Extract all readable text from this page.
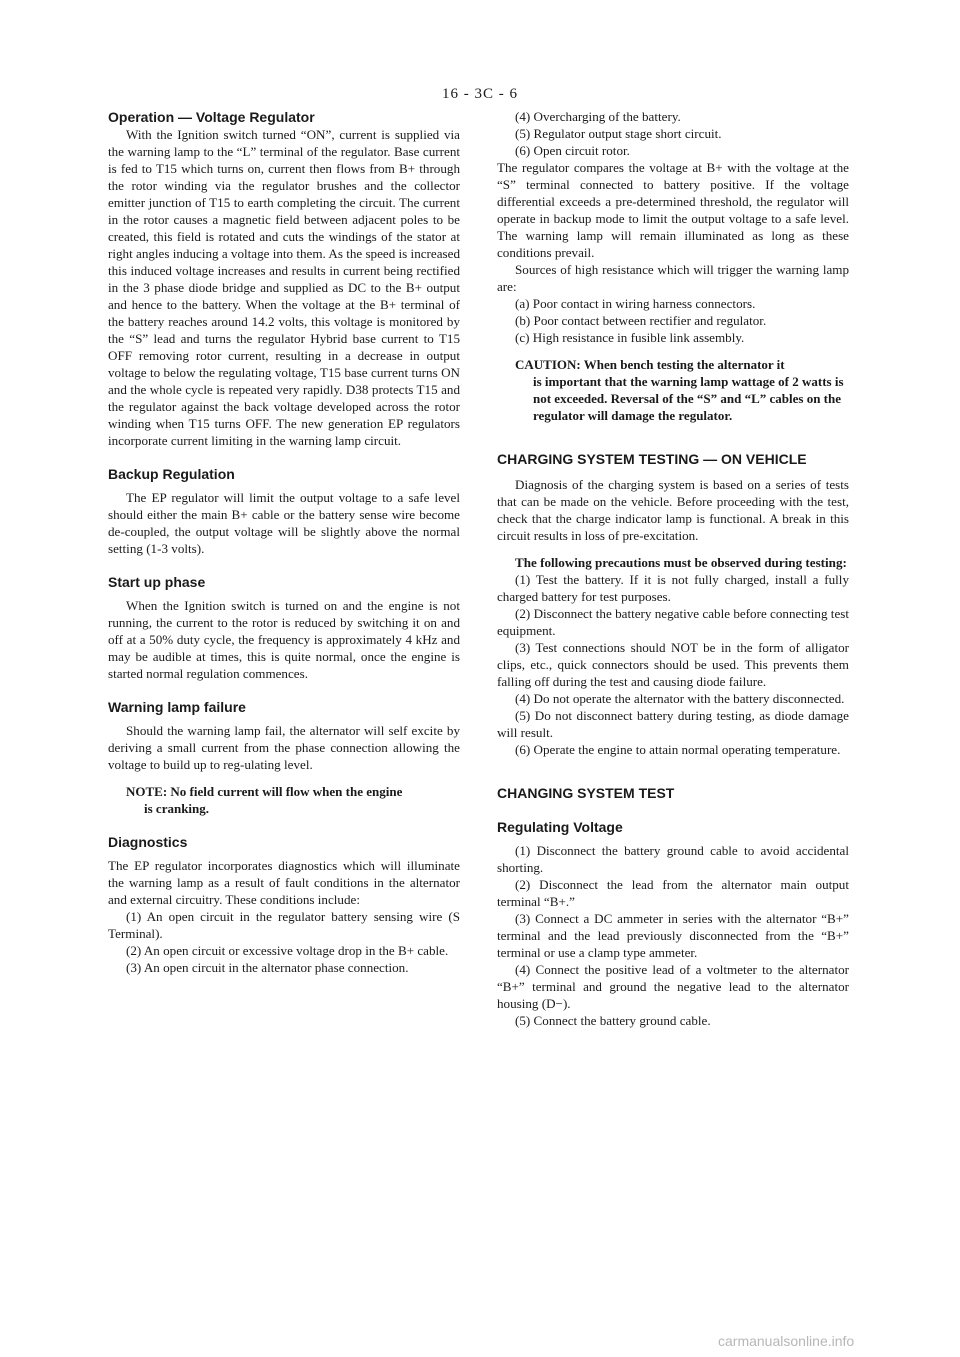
16 - 3C - 6
Operation — Voltage Regulator

With the Ignition switch turned “ON”, current is supplied via the warning lamp to the “L” terminal of the regulator. Base current is fed to T15 which turns on, current then flows from B+ through the rotor winding via the regulator brushes and the collector emitter junction of T15 to earth completing the circuit. The current in the rotor causes a magnetic field between adjacent poles to be created, this field is rotated and cuts the windings of the stator at right angles inducing a voltage into them. As the speed is increased this induced voltage increases and results in current being rectified in the 3 phase diode bridge and supplied as DC to the B+ output and hence to the battery. When the voltage at the B+ terminal of the battery reaches around 14.2 volts, this voltage is monitored by the “S” lead and turns the regulator Hybrid base current to T15 OFF removing rotor current, resulting in a decrease in output voltage to below the regulating voltage, T15 base current turns ON and the whole cycle is repeated very rapidly. D38 protects T15 and the regulator against the back voltage developed across the rotor winding when T15 turns OFF. The new generation EP regulators incorporate current limiting in the warning lamp circuit.

Backup Regulation

The EP regulator will limit the output voltage to a safe level should either the main B+ cable or the battery sense wire become de-coupled, the output voltage will be slightly above the normal setting (1-3 volts).

Start up phase

When the Ignition switch is turned on and the engine is not running, the current to the rotor is reduced by switching it on and off at a 50% duty cycle, the frequency is approximately 4 kHz and may be audible at times, this is quite normal, once the engine is started normal regulation commences.

Warning lamp failure

Should the warning lamp fail, the alternator will self excite by deriving a small current from the phase connection allowing the voltage to build up to reg-ulating level.

NOTE: No field current will flow when the engine
is cranking.
Diagnostics

The EP regulator incorporates diagnostics which will illuminate the warning lamp as a result of fault conditions in the alternator and external circuitry. These conditions include:

(1) An open circuit in the regulator battery sensing wire (S Terminal).

(2) An open circuit or excessive voltage drop in the B+ cable.

(3) An open circuit in the alternator phase connection.

(4) Overcharging of the battery.

(5) Regulator output stage short circuit.

(6) Open circuit rotor.

The regulator compares the voltage at B+ with the voltage at the “S” terminal connected to battery positive. If the voltage differential exceeds a pre-determined threshold, the regulator will operate in backup mode to limit the output voltage to a safe level. The warning lamp will remain illuminated as long as these conditions prevail.

Sources of high resistance which will trigger the warning lamp are:

(a) Poor contact in wiring harness connectors.

(b) Poor contact between rectifier and regulator.

(c) High resistance in fusible link assembly.

CAUTION: When bench testing the alternator it
is important that the warning lamp wattage of 2 watts is not exceeded. Reversal of the “S” and “L” cables on the regulator will damage the regulator.
CHARGING SYSTEM TESTING — ON VEHICLE

Diagnosis of the charging system is based on a series of tests that can be made on the vehicle. Before proceeding with the test, check that the charge indicator lamp is functional. A break in this circuit results in loss of pre-excitation.

The following precautions must be observed during testing:

(1) Test the battery. If it is not fully charged, install a fully charged battery for test purposes.

(2) Disconnect the battery negative cable before connecting test equipment.

(3) Test connections should NOT be in the form of alligator clips, etc., quick connectors should be used. This prevents them falling off during the test and causing diode failure.

(4) Do not operate the alternator with the battery disconnected.

(5) Do not disconnect battery during testing, as diode damage will result.

(6) Operate the engine to attain normal operating temperature.

CHANGING SYSTEM TEST
Regulating Voltage

(1) Disconnect the battery ground cable to avoid accidental shorting.

(2) Disconnect the lead from the alternator main output terminal “B+.”

(3) Connect a DC ammeter in series with the alternator “B+” terminal and the lead previously disconnected from the “B+” terminal or use a clamp type ammeter.

(4) Connect the positive lead of a voltmeter to the alternator “B+” terminal and ground the negative lead to the alternator housing (D−).

(5) Connect the battery ground cable.

carmanualsonline.info
